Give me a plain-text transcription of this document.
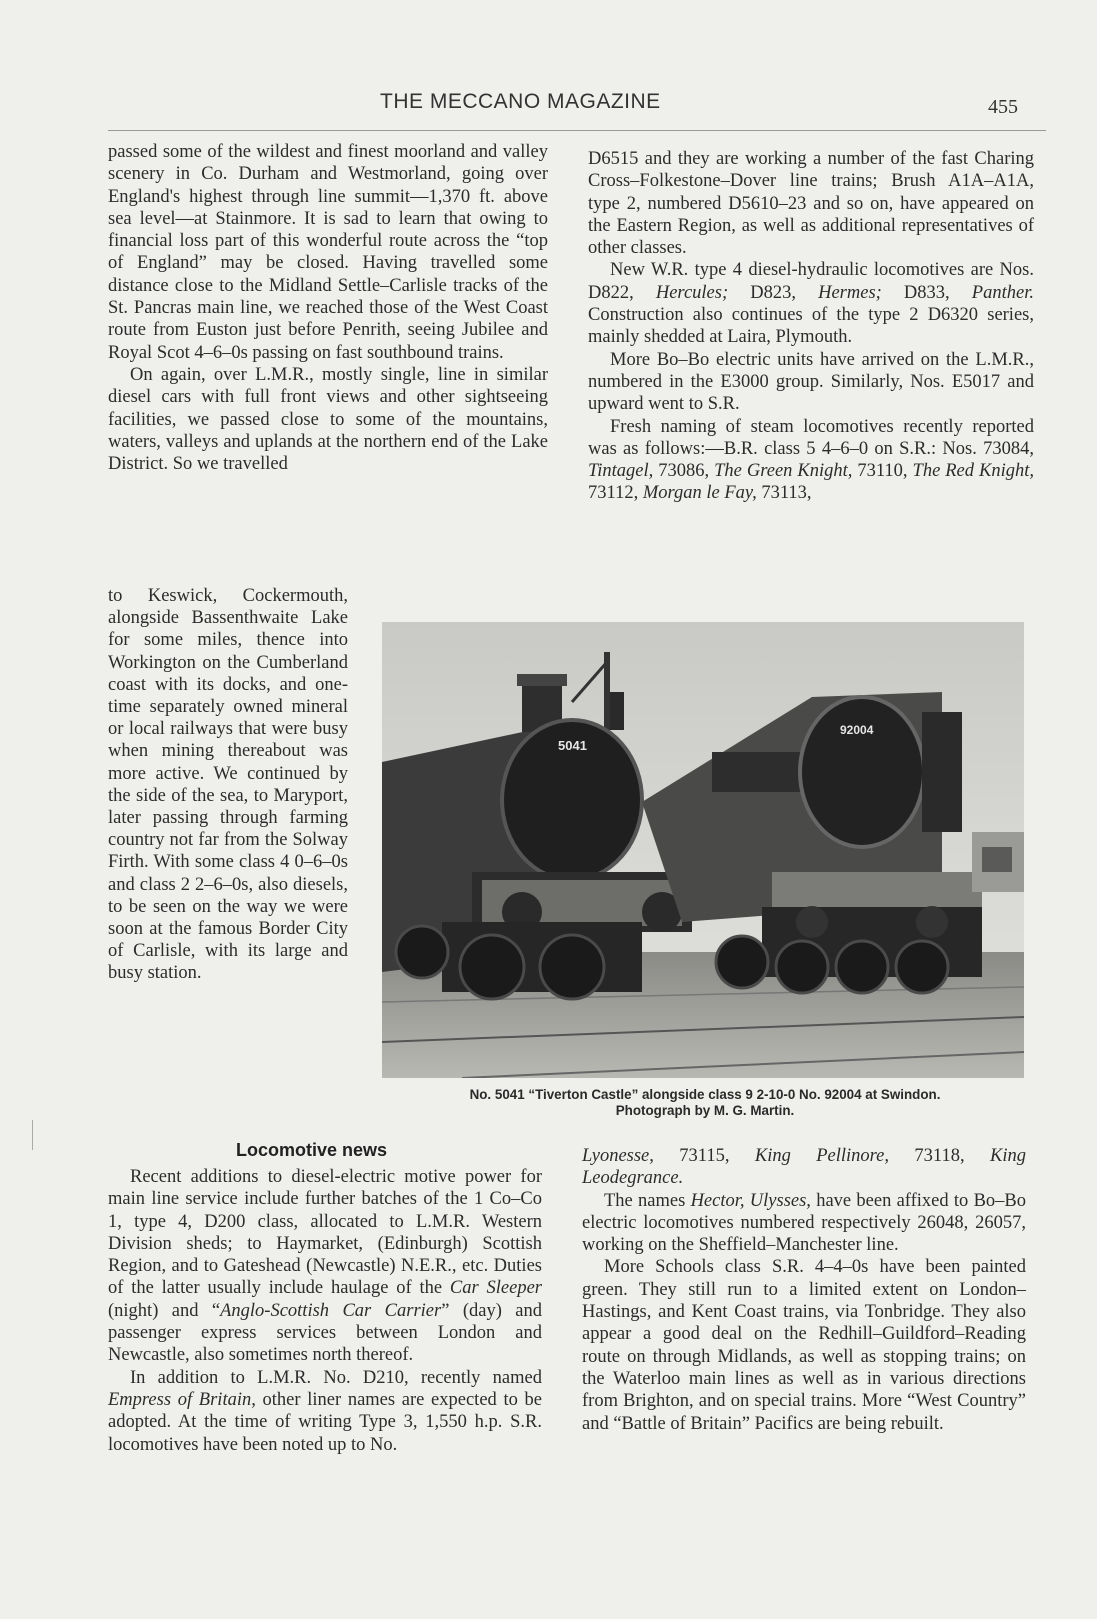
THE MECCANO MAGAZINE	455

passed some of the wildest and finest moorland and valley scenery in Co. Durham and Westmorland, going over England's highest through line summit—1,370 ft. above sea level—at Stainmore. It is sad to learn that owing to financial loss part of this wonderful route across the “top of England” may be closed. Having travelled some distance close to the Midland Settle–Carlisle tracks of the St. Pancras main line, we reached those of the West Coast route from Euston just before Penrith, seeing Jubilee and Royal Scot 4–6–0s passing on fast southbound trains.

On again, over L.M.R., mostly single, line in similar diesel cars with full front views and other sightseeing facilities, we passed close to some of the mountains, waters, valleys and uplands at the northern end of the Lake District. So we travelled

to Keswick, Cockermouth, alongside Bassenthwaite Lake for some miles, thence into Workington on the Cumberland coast with its docks, and one-time separately owned mineral or local railways that were busy when mining thereabout was more active. We continued by the side of the sea, to Maryport, later passing through farming country not far from the Solway Firth. With some class 4 0–6–0s and class 2 2–6–0s, also diesels, to be seen on the way we were soon at the famous Border City of Carlisle, with its large and busy station.

D6515 and they are working a number of the fast Charing Cross–Folkestone–Dover line trains; Brush A1A–A1A, type 2, numbered D5610–23 and so on, have appeared on the Eastern Region, as well as additional representatives of other classes.

New W.R. type 4 diesel-hydraulic locomotives are Nos. D822, Hercules; D823, Hermes; D833, Panther. Construction also continues of the type 2 D6320 series, mainly shedded at Laira, Plymouth.

More Bo–Bo electric units have arrived on the L.M.R., numbered in the E3000 group. Similarly, Nos. E5017 and upward went to S.R.

Fresh naming of steam locomotives recently reported was as follows:—B.R. class 5 4–6–0 on S.R.: Nos. 73084, Tintagel, 73086, The Green Knight, 73110, The Red Knight, 73112, Morgan le Fay, 73113,

5041
92004
No. 5041 “Tiverton Castle” alongside class 9 2-10-0 No. 92004 at Swindon.
Photograph by M. G. Martin.
Locomotive news

Recent additions to diesel-electric motive power for main line service include further batches of the 1 Co–Co 1, type 4, D200 class, allocated to L.M.R. Western Division sheds; to Haymarket, (Edinburgh) Scottish Region, and to Gateshead (Newcastle) N.E.R., etc. Duties of the latter usually include haulage of the Car Sleeper (night) and “Anglo-Scottish Car Carrier” (day) and passenger express services between London and Newcastle, also sometimes north thereof.

In addition to L.M.R. No. D210, recently named Empress of Britain, other liner names are expected to be adopted. At the time of writing Type 3, 1,550 h.p. S.R. locomotives have been noted up to No.

Lyonesse, 73115, King Pellinore, 73118, King Leodegrance.

The names Hector, Ulysses, have been affixed to Bo–Bo electric locomotives numbered respectively 26048, 26057, working on the Sheffield–Manchester line.

More Schools class S.R. 4–4–0s have been painted green. They still run to a limited extent on London–Hastings, and Kent Coast trains, via Tonbridge. They also appear a good deal on the Redhill–Guildford–Reading route on through Midlands, as well as stopping trains; on the Waterloo main lines as well as in various directions from Brighton, and on special trains. More “West Country” and “Battle of Britain” Pacifics are being rebuilt.
